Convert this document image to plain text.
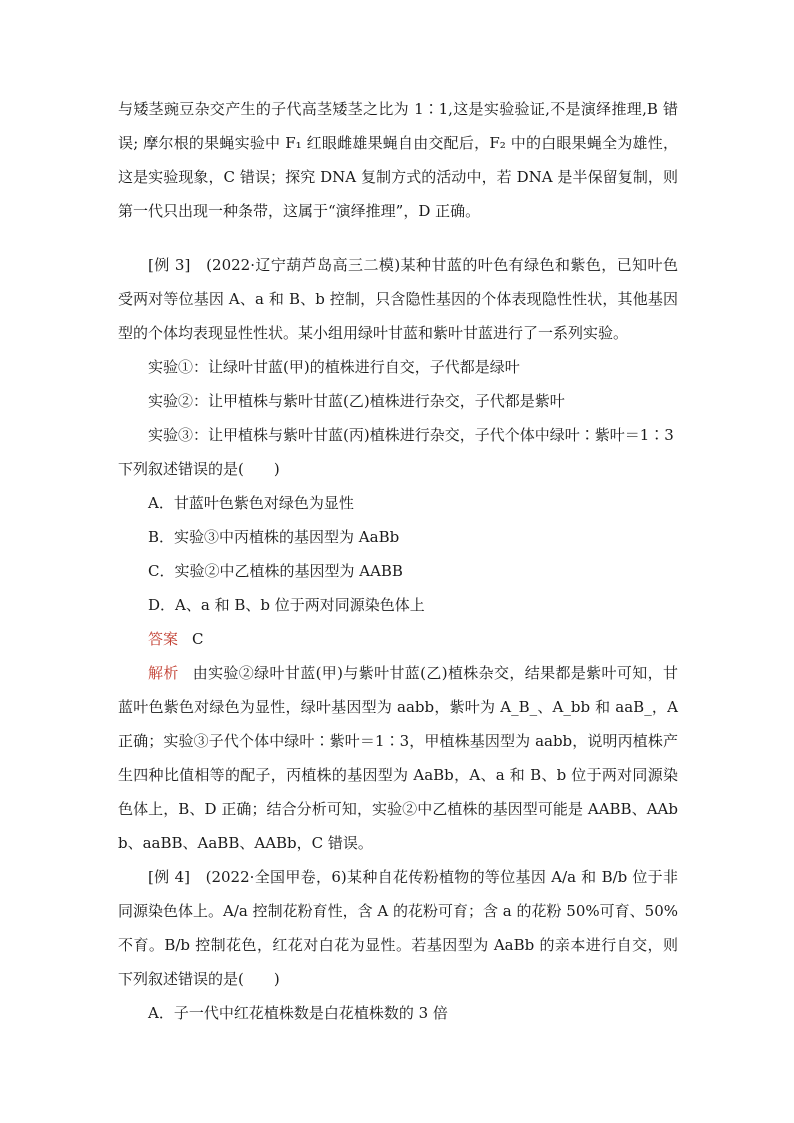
与矮茎豌豆杂交产生的子代高茎矮茎之比为 1∶1,这是实验验证,不是演绎推理,B 错误; 摩尔根的果蝇实验中 F₁ 红眼雌雄果蝇自由交配后，F₂ 中的白眼果蝇全为雄性，这是实验现象，C 错误；探究 DNA 复制方式的活动中，若 DNA 是半保留复制，则第一代只出现一种条带，这属于“演绎推理”，D 正确。

[例 3]　(2022·辽宁葫芦岛高三二模)某种甘蓝的叶色有绿色和紫色，已知叶色受两对等位基因 A、a 和 B、b 控制，只含隐性基因的个体表现隐性性状，其他基因型的个体均表现显性性状。某小组用绿叶甘蓝和紫叶甘蓝进行了一系列实验。

实验①：让绿叶甘蓝(甲)的植株进行自交，子代都是绿叶

实验②：让甲植株与紫叶甘蓝(乙)植株进行杂交，子代都是紫叶

实验③：让甲植株与紫叶甘蓝(丙)植株进行杂交，子代个体中绿叶∶紫叶＝1∶3

下列叙述错误的是(　　)

A．甘蓝叶色紫色对绿色为显性

B．实验③中丙植株的基因型为 AaBb

C．实验②中乙植株的基因型为 AABB

D．A、a 和 B、b 位于两对同源染色体上

答案 C

解析 由实验②绿叶甘蓝(甲)与紫叶甘蓝(乙)植株杂交，结果都是紫叶可知，甘蓝叶色紫色对绿色为显性，绿叶基因型为 aabb，紫叶为 A_B_、A_bb 和 aaB_，A 正确；实验③子代个体中绿叶∶紫叶＝1∶3，甲植株基因型为 aabb，说明丙植株产生四种比值相等的配子，丙植株的基因型为 AaBb，A、a 和 B、b 位于两对同源染色体上，B、D 正确；结合分析可知，实验②中乙植株的基因型可能是 AABB、AAbb、aaBB、AaBB、AABb，C 错误。

[例 4]　(2022·全国甲卷，6)某种自花传粉植物的等位基因 A/a 和 B/b 位于非同源染色体上。A/a 控制花粉育性，含 A 的花粉可育；含 a 的花粉 50%可育、50%不育。B/b 控制花色，红花对白花为显性。若基因型为 AaBb 的亲本进行自交，则下列叙述错误的是(　　)

A．子一代中红花植株数是白花植株数的 3 倍
